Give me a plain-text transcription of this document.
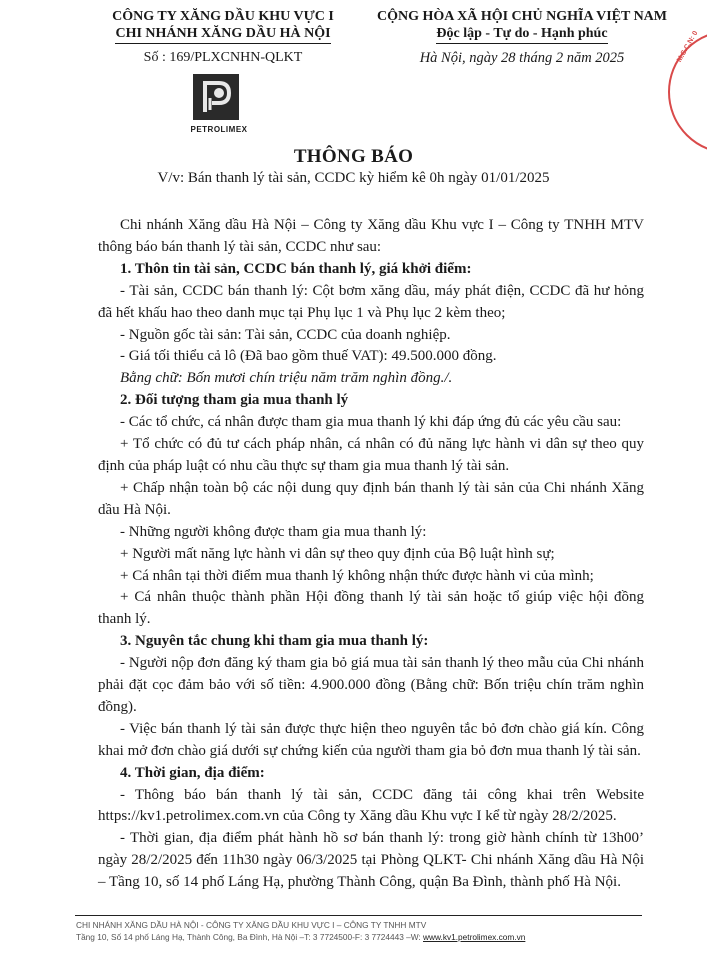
CÔNG TY XĂNG DẦU KHU VỰC I
CHI NHÁNH XĂNG DẦU HÀ NỘI
Số : 169/PLXCNHN-QLKT
CỘNG HÒA XÃ HỘI CHỦ NGHĨA VIỆT NAM
Độc lập - Tự do - Hạnh phúc
Hà Nội, ngày 28 tháng 2 năm 2025
PETROLIMEX
M.S.C.N: 0
THÔNG BÁO
V/v: Bán thanh lý tài sản, CCDC kỳ hiểm kê 0h ngày 01/01/2025

Chi nhánh Xăng dầu Hà Nội – Công ty Xăng dầu Khu vực I – Công ty TNHH MTV thông báo bán thanh lý tài sản, CCDC như sau:

1. Thôn tin tài sản, CCDC bán thanh lý, giá khởi điểm:

- Tài sản, CCDC bán thanh lý: Cột bơm xăng dầu, máy phát điện, CCDC đã hư hỏng đã hết khấu hao theo danh mục tại Phụ lục 1 và Phụ lục 2 kèm theo;

- Nguồn gốc tài sản: Tài sản, CCDC của doanh nghiệp.

- Giá tối thiểu cả lô (Đã bao gồm thuế VAT): 49.500.000 đồng.

Bằng chữ: Bốn mươi chín triệu năm trăm nghìn đồng./.

2. Đối tượng tham gia mua thanh lý

- Các tổ chức, cá nhân được tham gia mua thanh lý khi đáp ứng đủ các yêu cầu sau:

+ Tổ chức có đủ tư cách pháp nhân, cá nhân có đủ năng lực hành vi dân sự theo quy định của pháp luật có nhu cầu thực sự tham gia mua thanh lý tài sản.

+ Chấp nhận toàn bộ các nội dung quy định bán thanh lý tài sản của Chi nhánh Xăng dầu Hà Nội.

- Những người không được tham gia mua thanh lý:

+ Người mất năng lực hành vi dân sự theo quy định của Bộ luật hình sự;

+ Cá nhân tại thời điểm mua thanh lý không nhận thức được hành vi của mình;

+ Cá nhân thuộc thành phần Hội đồng thanh lý tài sản hoặc tổ giúp việc hội đồng thanh lý.

3. Nguyên tắc chung khi tham gia mua thanh lý:

- Người nộp đơn đăng ký tham gia bỏ giá mua tài sản thanh lý theo mẫu của Chi nhánh phải đặt cọc đảm bảo với số tiền: 4.900.000 đồng (Bằng chữ: Bốn triệu chín trăm nghìn đồng).

- Việc bán thanh lý tài sản được thực hiện theo nguyên tắc bỏ đơn chào giá kín. Công khai mở đơn chào giá dưới sự chứng kiến của người tham gia bỏ đơn mua thanh lý tài sản.

4. Thời gian, địa điểm:

- Thông báo bán thanh lý tài sản, CCDC đăng tải công khai trên Website https://kv1.petrolimex.com.vn của Công ty Xăng dầu Khu vực I kể từ ngày 28/2/2025.

- Thời gian, địa điểm phát hành hồ sơ bán thanh lý: trong giờ hành chính từ 13h00’ ngày 28/2/2025 đến 11h30 ngày 06/3/2025 tại Phòng QLKT- Chi nhánh Xăng dầu Hà Nội – Tầng 10, số 14 phố Láng Hạ, phường Thành Công, quận Ba Đình, thành phố Hà Nội.

CHI NHÁNH XĂNG DẦU HÀ NỘI - CÔNG TY XĂNG DẦU KHU VỰC I – CÔNG TY TNHH MTV
Tầng 10, Số 14 phố Láng Hạ, Thành Công, Ba Đình, Hà Nội –T: 3 7724500-F: 3 7724443 –W: www.kv1.petrolimex.com.vn
